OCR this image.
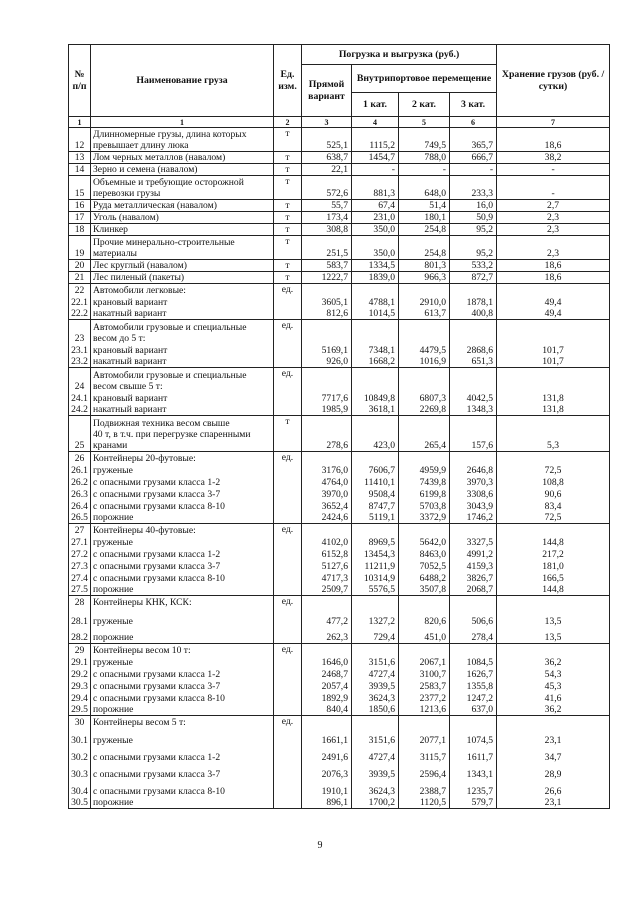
№ п/п	Наименование груза	Ед. изм.	Погрузка и выгрузка (руб.)				Хранение грузов (руб. /сутки)
			Прямой вариант	Внутрипортовое перемещение			
				1 кат.	2 кат.	3 кат.	
1	1	2	3	4	5	6	7
12	Длинномерные грузы, длина которых
превышает длину люка	т	525,1	1115,2	749,5	365,7	18,6
13	Лом черных металлов (навалом)	т	638,7	1454,7	788,0	666,7	38,2
14	Зерно и семена (навалом)	т	22,1	-	-	-	-
15	Объемные и требующие осторожной
перевозки грузы	т	572,6	881,3	648,0	233,3	-
16	Руда металлическая (навалом)	т	55,7	67,4	51,4	16,0	2,7
17	Уголь (навалом)	т	173,4	231,0	180,1	50,9	2,3
18	Клинкер	т	308,8	350,0	254,8	95,2	2,3
19	Прочие минерально-строительные
материалы	т	251,5	350,0	254,8	95,2	2,3
20	Лес круглый (навалом)	т	583,7	1334,5	801,3	533,2	18,6
21	Лес пиленый (пакеты)	т	1222,7	1839,0	966,3	872,7	18,6
22	Автомобили легковые:	ед.					
22.1	крановый вариант		3605,1	4788,1	2910,0	1878,1	49,4
22.2	накатный вариант		812,6	1014,5	613,7	400,8	49,4
23	Автомобили грузовые и специальные
весом до 5 т:	ед.					
23.1	крановый вариант		5169,1	7348,1	4479,5	2868,6	101,7
23.2	накатный вариант		926,0	1668,2	1016,9	651,3	101,7
24	Автомобили грузовые и специальные
весом свыше 5 т:	ед.					
24.1	крановый вариант		7717,6	10849,8	6807,3	4042,5	131,8
24.2	накатный вариант		1985,9	3618,1	2269,8	1348,3	131,8
25	Подвижная техника весом свыше
40 т, в т.ч. при перегрузке спаренными
кранами	т	278,6	423,0	265,4	157,6	5,3
26	Контейнеры 20-футовые:	ед.					
26.1	груженые		3176,0	7606,7	4959,9	2646,8	72,5
26.2	с опасными грузами класса 1-2		4764,0	11410,1	7439,8	3970,3	108,8
26.3	с опасными грузами класса 3-7		3970,0	9508,4	6199,8	3308,6	90,6
26.4	с опасными грузами класса 8-10		3652,4	8747,7	5703,8	3043,9	83,4
26.5	порожние		2424,6	5119,1	3372,9	1746,2	72,5
27	Контейнеры 40-футовые:	ед.					
27.1	груженые		4102,0	8969,5	5642,0	3327,5	144,8
27.2	с опасными грузами класса 1-2		6152,8	13454,3	8463,0	4991,2	217,2
27.3	с опасными грузами класса 3-7		5127,6	11211,9	7052,5	4159,3	181,0
27.4	с опасными грузами класса 8-10		4717,3	10314,9	6488,2	3826,7	166,5
27.5	порожние		2509,7	5576,5	3507,8	2068,7	144,8
28	Контейнеры КНК, КСК:	ед.					
28.1	груженые		477,2	1327,2	820,6	506,6	13,5
28.2	порожние		262,3	729,4	451,0	278,4	13,5
29	Контейнеры весом 10 т:	ед.					
29.1	груженые		1646,0	3151,6	2067,1	1084,5	36,2
29.2	с опасными грузами класса 1-2		2468,7	4727,4	3100,7	1626,7	54,3
29.3	с опасными грузами класса 3-7		2057,4	3939,5	2583,7	1355,8	45,3
29.4	с опасными грузами класса 8-10		1892,9	3624,3	2377,2	1247,2	41,6
29.5	порожние		840,4	1850,6	1213,6	637,0	36,2
30	Контейнеры весом 5 т:	ед.					
30.1	груженые		1661,1	3151,6	2077,1	1074,5	23,1
30.2	с опасными грузами класса 1-2		2491,6	4727,4	3115,7	1611,7	34,7
30.3	с опасными грузами класса 3-7		2076,3	3939,5	2596,4	1343,1	28,9
30.4	с опасными грузами класса 8-10		1910,1	3624,3	2388,7	1235,7	26,6
30.5	порожние		896,1	1700,2	1120,5	579,7	23,1
9
